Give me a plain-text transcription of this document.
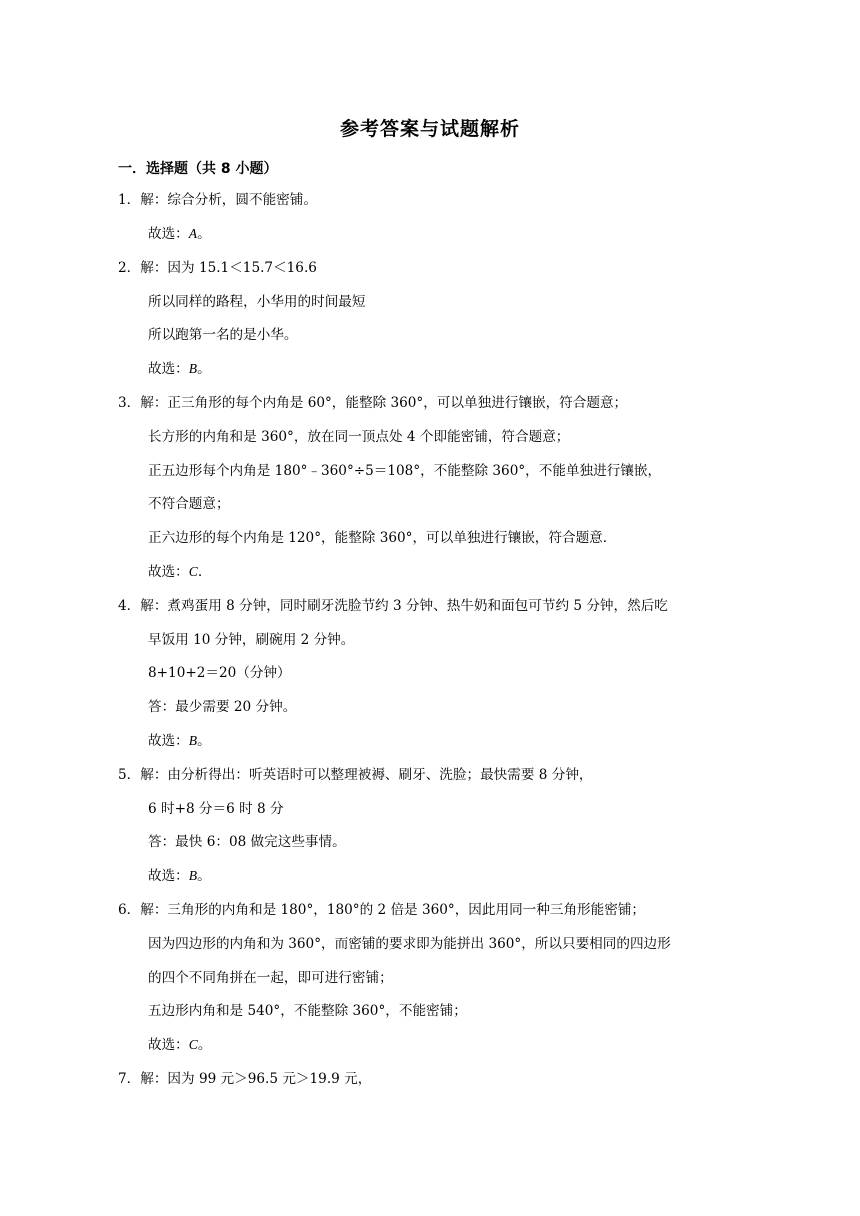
参考答案与试题解析
一．选择题（共 8 小题）
1．解：综合分析，圆不能密铺。
故选：A。
2．解：因为 15.1＜15.7＜16.6
所以同样的路程，小华用的时间最短
所以跑第一名的是小华。
故选：B。
3．解：正三角形的每个内角是 60°，能整除 360°，可以单独进行镶嵌，符合题意；
长方形的内角和是 360°，放在同一顶点处 4 个即能密铺，符合题意；
正五边形每个内角是 180°﹣360°÷5＝108°，不能整除 360°，不能单独进行镶嵌，
不符合题意；
正六边形的每个内角是 120°，能整除 360°，可以单独进行镶嵌，符合题意．
故选：C.
4．解：煮鸡蛋用 8 分钟，同时刷牙洗脸节约 3 分钟、热牛奶和面包可节约 5 分钟，然后吃
早饭用 10 分钟，刷碗用 2 分钟。
8+10+2＝20（分钟）
答：最少需要 20 分钟。
故选：B。
5．解：由分析得出：听英语时可以整理被褥、刷牙、洗脸；最快需要 8 分钟，
6 时+8 分＝6 时 8 分
答：最快 6：08 做完这些事情。
故选：B。
6．解：三角形的内角和是 180°，180°的 2 倍是 360°，因此用同一种三角形能密铺；
因为四边形的内角和为 360°，而密铺的要求即为能拼出 360°，所以只要相同的四边形
的四个不同角拼在一起，即可进行密铺；
五边形内角和是 540°，不能整除 360°，不能密铺；
故选：C。
7．解：因为 99 元＞96.5 元＞19.9 元，
